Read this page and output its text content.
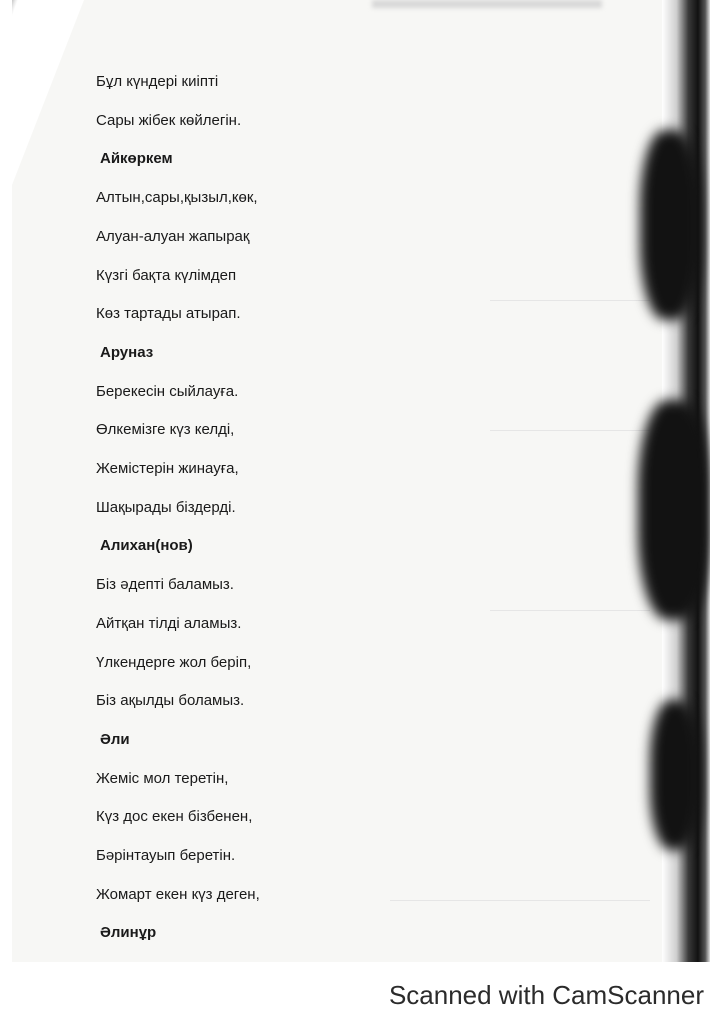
Бұл күндері киіпті
Сары жібек көйлегін.
Айкөркем
Алтын,сары,қызыл,көк,
Алуан-алуан жапырақ
Күзгі бақта күлімдеп
Көз тартады атырап.
Аруназ
Берекесін сыйлауға.
Өлкемізге күз келді,
Жемістерін жинауға,
Шақырады біздерді.
Алихан(нов)
Біз әдепті баламыз.
Айтқан тілді аламыз.
Үлкендерге жол беріп,
Біз ақылды боламыз.
Әли
Жеміс мол теретін,
Күз дос екен бізбенен,
Бәрінтауып беретін.
Жомарт екен күз деген,
Әлинұр
Scanned with CamScanner
